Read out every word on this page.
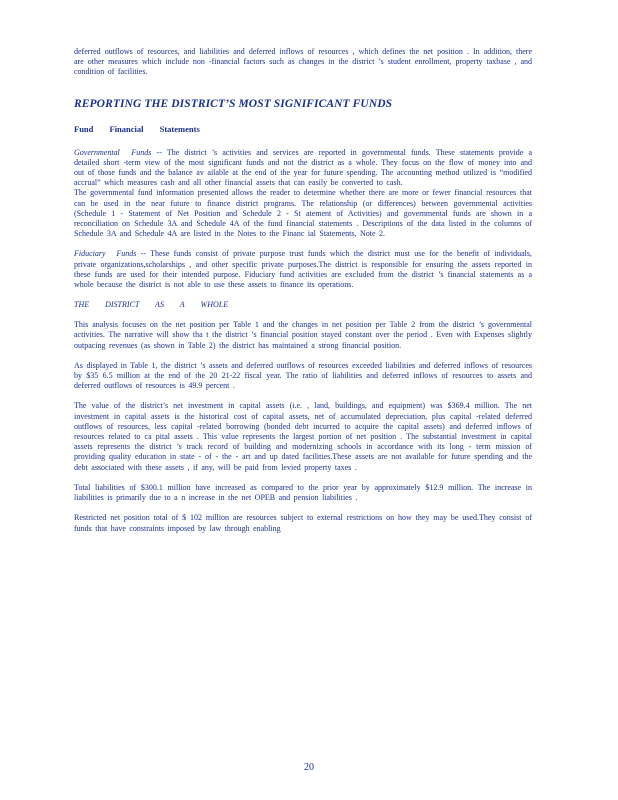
deferred outflows of resources, and liabilities and deferred inflows of resources , which defines the net position . In addition, there are other measures which include non -financial factors such as changes in the district ’s student enrollment, property taxbase , and condition of facilities.

REPORTING THE DISTRICT’S MOST SIGNIFICANT FUNDS
Fund Financial Statements

Governmental Funds -- The district ’s activities and services are reported in governmental funds. These statements provide a detailed short -term view of the most significant funds and not the district as a whole. They focus on the flow of money into and out of those funds and the balance av ailable at the end of the year for future spending. The accounting method utilized is “modified accrual” which measures cash and all other financial assets that can easily be converted to cash.

The governmental fund information presented allows the reader to determine whether there are more or fewer financial resources that can be used in the near future to finance district programs. The relationship (or differences) between governmental activities (Schedule 1 - Statement of Net Position and Schedule 2 - St atement of Activities) and governmental funds are shown in a reconciliation on Schedule 3A and Schedule 4A of the fund financial statements . Descriptions of the data listed in the columns of Schedule 3A and Schedule 4A are listed in the Notes to the Financ ial Statements, Note 2.

Fiduciary Funds -- These funds consist of private purpose trust funds which the district must use for the benefit of individuals, private organizations,scholarships , and other specific private purposes.The district is responsible for ensuring the assets reported in these funds are used for their intended purpose. Fiduciary fund activities are excluded from the district ’s financial statements as a whole because the district is not able to use these assets to finance its operations.

THE DISTRICT AS A WHOLE

This analysis focuses on the net position per Table 1 and the changes in net position per Table 2 from the district ’s governmental activities. The narrative will show tha t the district ’s financial position stayed constant over the period . Even with Expenses slightly outpacing revenues (as shown in Table 2) the district has maintained a strong financial position.

As displayed in Table 1, the district ’s assets and deferred outflows of resources exceeded liabilities and deferred inflows of resources by $35 6.5 million at the end of the 20 21-22 fiscal year. The ratio of liabilities and deferred inflows of resources to assets and deferred outflows of resources is 49.9 percent .

The value of the district’s net investment in capital assets (i.e. , land, buildings, and equipment) was $369.4 million. The net investment in capital assets is the historical cost of capital assets, net of accumulated depreciation, plus capital -related deferred outflows of resources, less capital -related borrowing (bonded debt incurred to acquire the capital assets) and deferred inflows of resources related to ca pital assets . This value represents the largest portion of net position . The substantial investment in capital assets represents the district ’s track record of building and modernizing schools in accordance with its long - term mission of providing quality education in state - of - the - art and up dated facilities.These assets are not available for future spending and the debt associated with these assets , if any, will be paid from levied property taxes .

Total liabilities of $300.1 million have increased as compared to the prior year by approximately $12.9 million. The increase in liabilities is primarily due to a n increase in the net OPEB and pension liabilities .

Restricted net position total of $ 102 million are resources subject to external restrictions on how they may be used.They consist of funds that have constraints imposed by law through enabling

20
